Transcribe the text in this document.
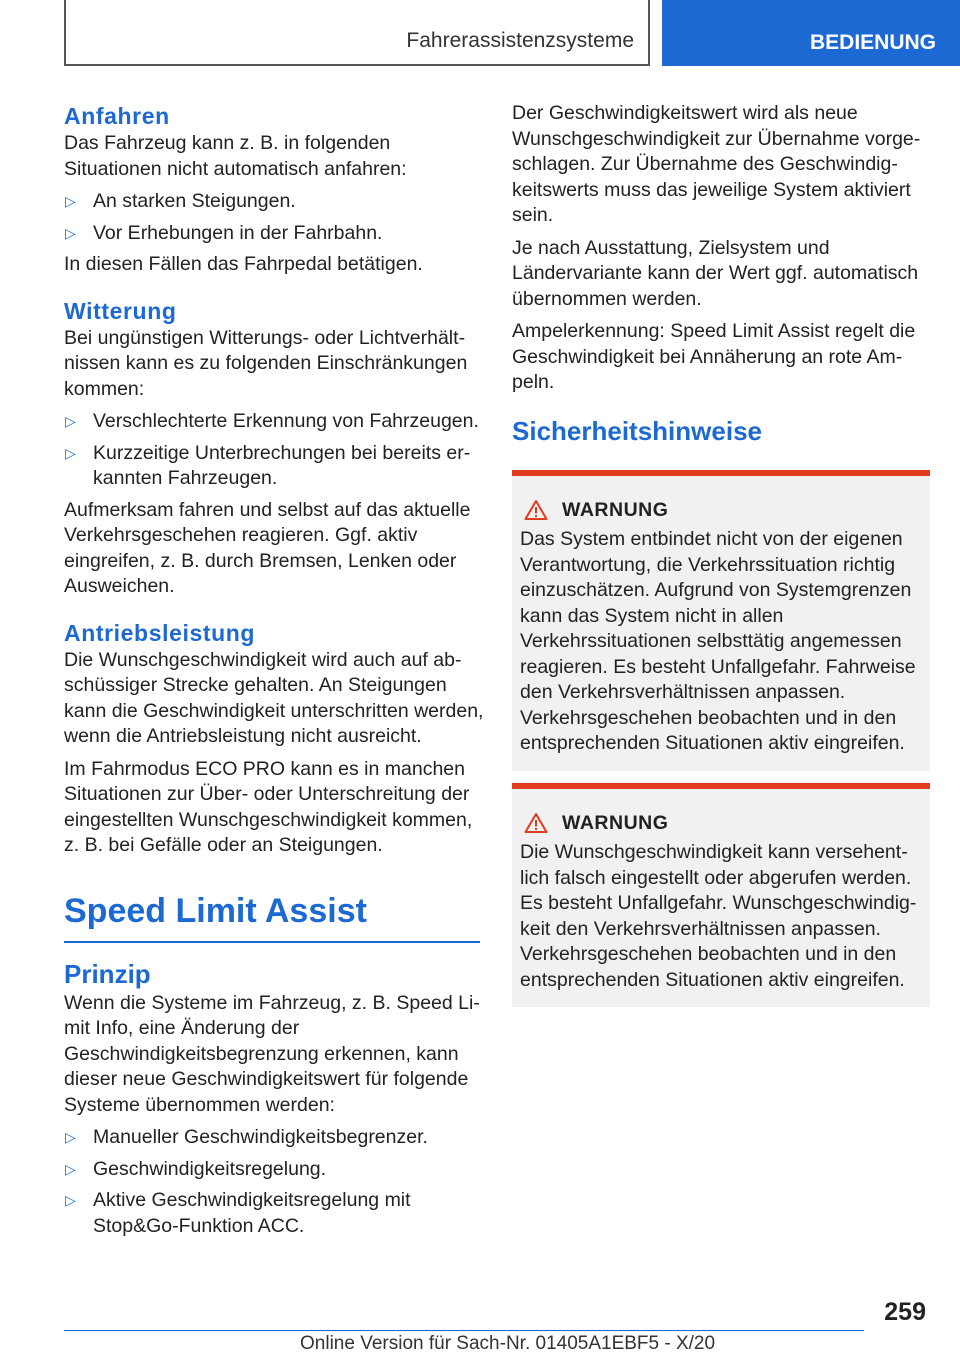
Fahrerassistenzsysteme	BEDIENUNG
Anfahren

Das Fahrzeug kann z. B. in folgenden Situationen nicht automatisch anfahren:

▷ An starken Steigungen.
▷ Vor Erhebungen in der Fahrbahn.

In diesen Fällen das Fahrpedal betätigen.

Witterung

Bei ungünstigen Witterungs- oder Lichtverhältnissen kann es zu folgenden Einschränkungen kommen:

▷ Verschlechterte Erkennung von Fahrzeugen.
▷ Kurzzeitige Unterbrechungen bei bereits erkannten Fahrzeugen.

Aufmerksam fahren und selbst auf das aktuelle Verkehrsgeschehen reagieren. Ggf. aktiv eingreifen, z. B. durch Bremsen, Lenken oder Ausweichen.

Antriebsleistung

Die Wunschgeschwindigkeit wird auch auf abschüssiger Strecke gehalten. An Steigungen kann die Geschwindigkeit unterschritten werden, wenn die Antriebsleistung nicht ausreicht.

Im Fahrmodus ECO PRO kann es in manchen Situationen zur Über- oder Unterschreitung der eingestellten Wunschgeschwindigkeit kommen, z. B. bei Gefälle oder an Steigungen.

Speed Limit Assist
Prinzip

Wenn die Systeme im Fahrzeug, z. B. Speed Limit Info, eine Änderung der Geschwindigkeitsbegrenzung erkennen, kann dieser neue Geschwindigkeitswert für folgende Systeme übernommen werden:

▷ Manueller Geschwindigkeitsbegrenzer.
▷ Geschwindigkeitsregelung.
▷ Aktive Geschwindigkeitsregelung mit Stop&Go-Funktion ACC.

Der Geschwindigkeitswert wird als neue Wunschgeschwindigkeit zur Übernahme vorgeschlagen. Zur Übernahme des Geschwindigkeitswerts muss das jeweilige System aktiviert sein.

Je nach Ausstattung, Zielsystem und Ländervariante kann der Wert ggf. automatisch übernommen werden.

Ampelerkennung: Speed Limit Assist regelt die Geschwindigkeit bei Annäherung an rote Ampeln.

Sicherheitshinweise
WARNUNG

Das System entbindet nicht von der eigenen Verantwortung, die Verkehrssituation richtig einzuschätzen. Aufgrund von Systemgrenzen kann das System nicht in allen Verkehrssituationen selbsttätig angemessen reagieren. Es besteht Unfallgefahr. Fahrweise den Verkehrsverhältnissen anpassen. Verkehrsgeschehen beobachten und in den entsprechenden Situationen aktiv eingreifen.

WARNUNG

Die Wunschgeschwindigkeit kann versehentlich falsch eingestellt oder abgerufen werden. Es besteht Unfallgefahr. Wunschgeschwindigkeit den Verkehrsverhältnissen anpassen. Verkehrsgeschehen beobachten und in den entsprechenden Situationen aktiv eingreifen.

259
Online Version für Sach-Nr. 01405A1EBF5 - X/20
